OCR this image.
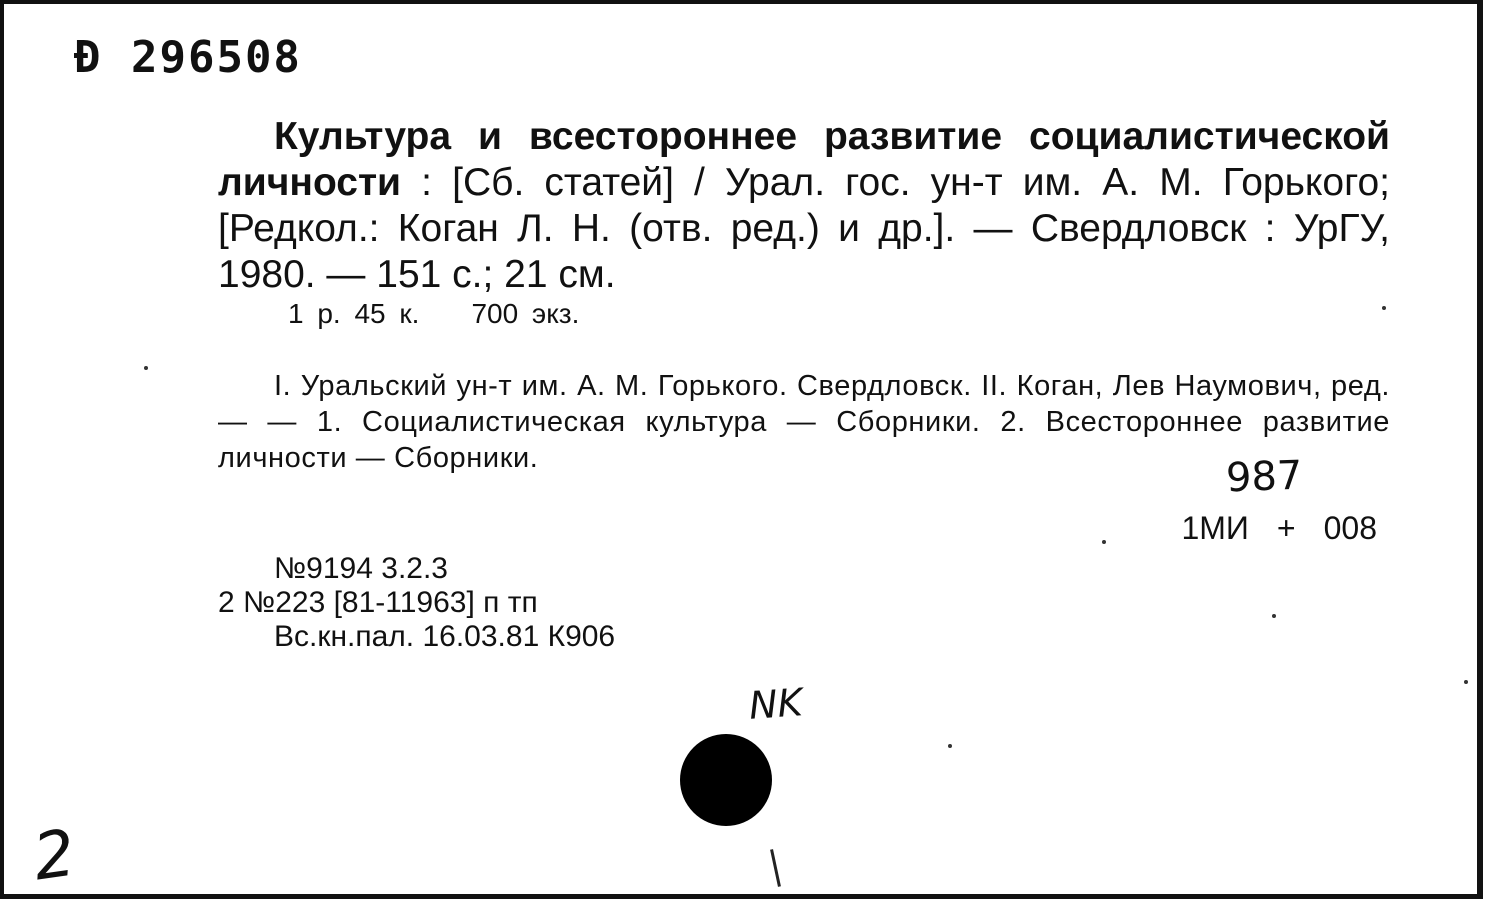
Ð 296508

Культура и всестороннее развитие социалистической личности : [Сб. статей] / Урал. гос. ун-т им. А. М. Горького; [Редкол.: Коган Л. Н. (отв. ред.) и др.]. — Свердловск : УрГУ, 1980. — 151 с.; 21 см.

1 р. 45 к. 700 экз.

I. Уральский ун-т им. А. М. Горького. Свердловск. II. Коган, Лев Наумович, ред. — — 1. Социалистическая культура — Сборники. 2. Всестороннее развитие личности — Сборники.	987
1МИ + 008
№9194 3.2.3
2 №223 [81-11963] п тп
Вс.кн.пал. 16.03.81 К906
NK
2
